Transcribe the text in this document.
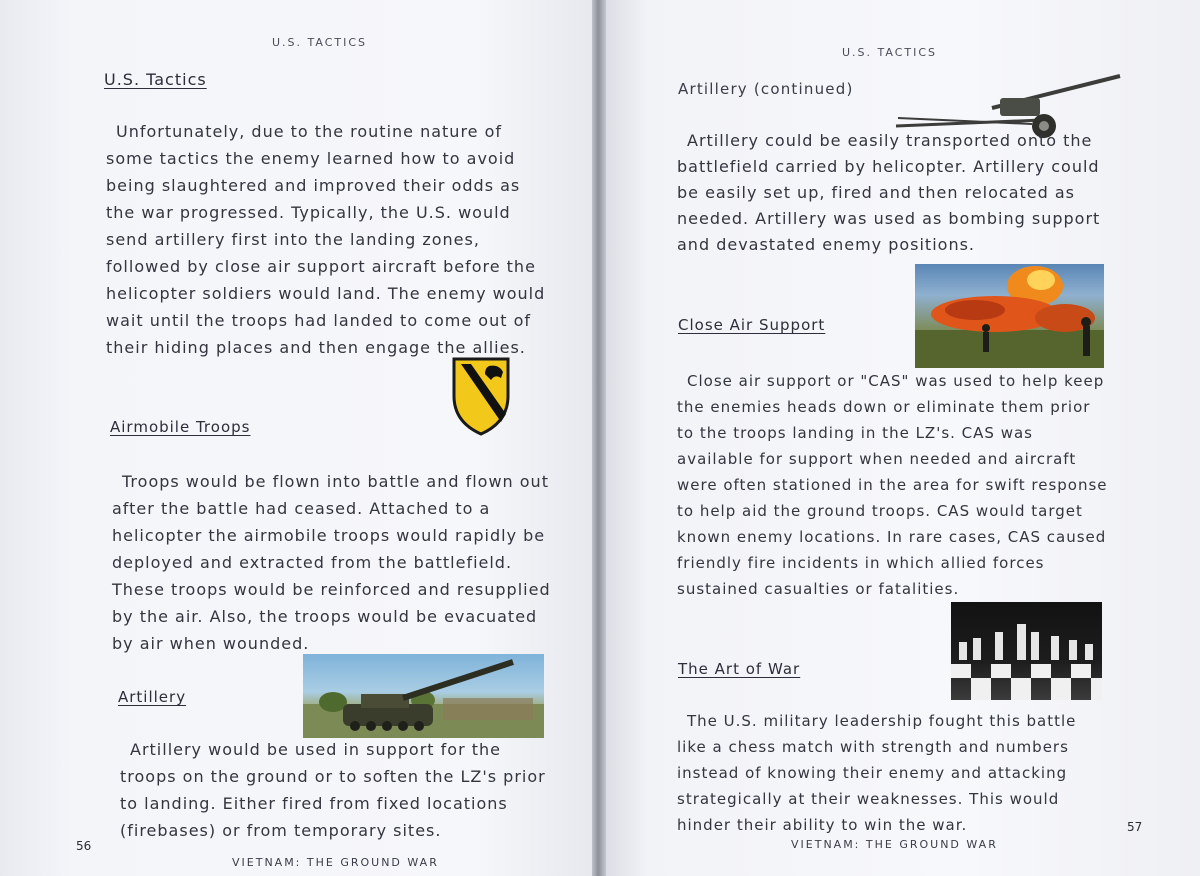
U.S. TACTICS
U.S. Tactics
Unfortunately, due to the routine nature of some tactics the enemy learned how to avoid being slaughtered and improved their odds as the war progressed. Typically, the U.S. would send artillery first into the landing zones, followed by close air support aircraft before the helicopter soldiers would land. The enemy would wait until the troops had landed to come out of their hiding places and then engage the allies.
Airmobile Troops
Troops would be flown into battle and flown out after the battle had ceased. Attached to a helicopter the airmobile troops would rapidly be deployed and extracted from the battlefield. These troops would be reinforced and resupplied by the air. Also, the troops would be evacuated by air when wounded.
Artillery
Artillery would be used in support for the troops on the ground or to soften the LZ's prior to landing. Either fired from fixed locations (firebases) or from temporary sites.
56
VIETNAM: THE GROUND WAR
U.S. TACTICS
Artillery (continued)
Artillery could be easily transported onto the battlefield carried by helicopter. Artillery could be easily set up, fired and then relocated as needed. Artillery was used as bombing support and devastated enemy positions.
Close Air Support
Close air support or "CAS" was used to help keep the enemies heads down or eliminate them prior to the troops landing in the LZ's. CAS was available for support when needed and aircraft were often stationed in the area for swift response to help aid the ground troops. CAS would target known enemy locations. In rare cases, CAS caused friendly fire incidents in which allied forces sustained casualties or fatalities.
The Art of War
The U.S. military leadership fought this battle like a chess match with strength and numbers instead of knowing their enemy and attacking strategically at their weaknesses. This would hinder their ability to win the war.	57
VIETNAM: THE GROUND WAR
